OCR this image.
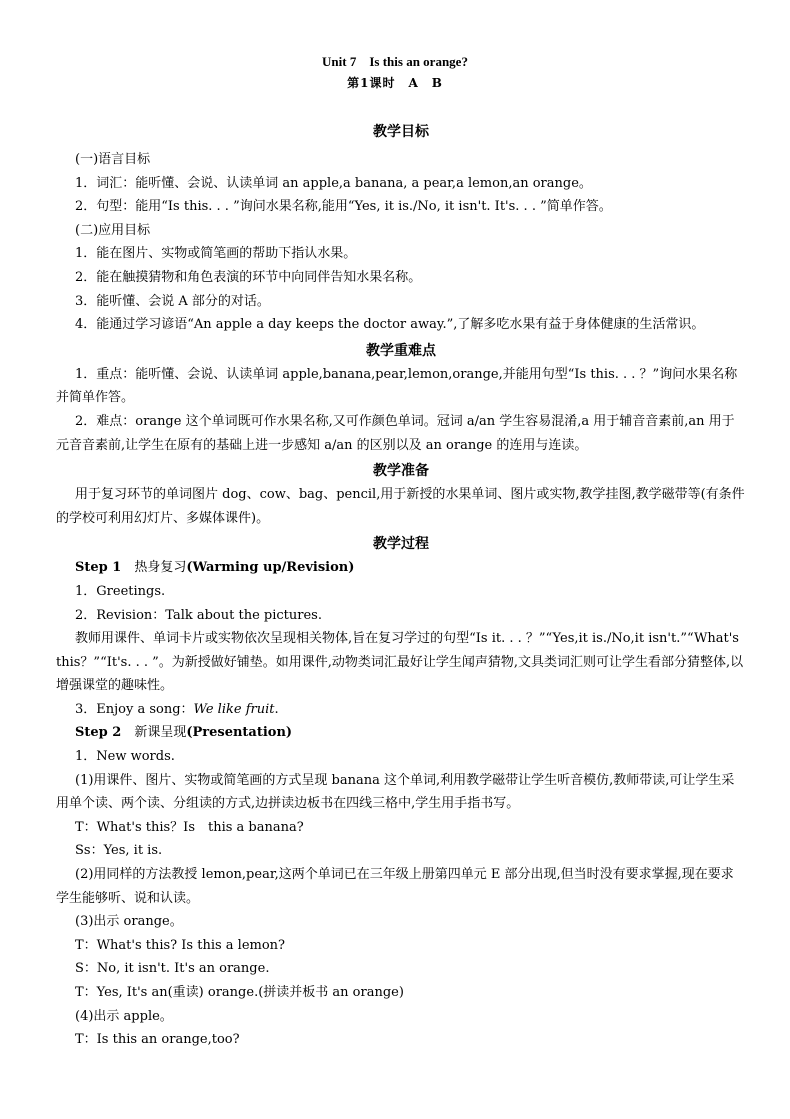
Unit 7　Is this an orange?
第1课时　A　B

教学目标

(一)语言目标

1．词汇：能听懂、会说、认读单词 an apple,a banana, a pear,a lemon,an orange。

2．句型：能用“Is this. . . ”询问水果名称,能用“Yes, it is./No, it isn't. It's. . . ”简单作答。

(二)应用目标

1．能在图片、实物或简笔画的帮助下指认水果。

2．能在触摸猜物和角色表演的环节中向同伴告知水果名称。

3．能听懂、会说 A 部分的对话。

4．能通过学习谚语“An apple a day keeps the doctor away.”,了解多吃水果有益于身体健康的生活常识。

教学重难点

1．重点：能听懂、会说、认读单词 apple,banana,pear,lemon,orange,并能用句型“Is this. . . ？”询问水果名称并简单作答。

2．难点：orange 这个单词既可作水果名称,又可作颜色单词。冠词 a/an 学生容易混淆,a 用于辅音音素前,an 用于元音音素前,让学生在原有的基础上进一步感知 a/an 的区别以及 an orange 的连用与连读。

教学准备

用于复习环节的单词图片 dog、cow、bag、pencil,用于新授的水果单词、图片或实物,教学挂图,教学磁带等(有条件的学校可利用幻灯片、多媒体课件)。

教学过程

Step 1　热身复习(Warming up/Revision)

1．Greetings.

2．Revision：Talk about the pictures.

教师用课件、单词卡片或实物依次呈现相关物体,旨在复习学过的句型“Is it. . . ？”“Yes,it is./No,it isn't.”“What's this？”“It's. . . ”。为新授做好铺垫。如用课件,动物类词汇最好让学生闻声猜物,文具类词汇则可让学生看部分猜整体,以增强课堂的趣味性。

3．Enjoy a song：We like fruit.

Step 2　新课呈现(Presentation)

1．New words.

(1)用课件、图片、实物或简笔画的方式呈现 banana 这个单词,利用教学磁带让学生听音模仿,教师带读,可让学生采用单个读、两个读、分组读的方式,边拼读边板书在四线三格中,学生用手指书写。

T：What's this？Is　this a banana?

Ss：Yes, it is.

(2)用同样的方法教授 lemon,pear,这两个单词已在三年级上册第四单元 E 部分出现,但当时没有要求掌握,现在要求学生能够听、说和认读。

(3)出示 orange。

T：What's this? Is this a lemon?

S：No, it isn't. It's an orange.

T：Yes, It's an(重读) orange.(拼读并板书 an orange)

(4)出示 apple。

T：Is this an orange,too?
